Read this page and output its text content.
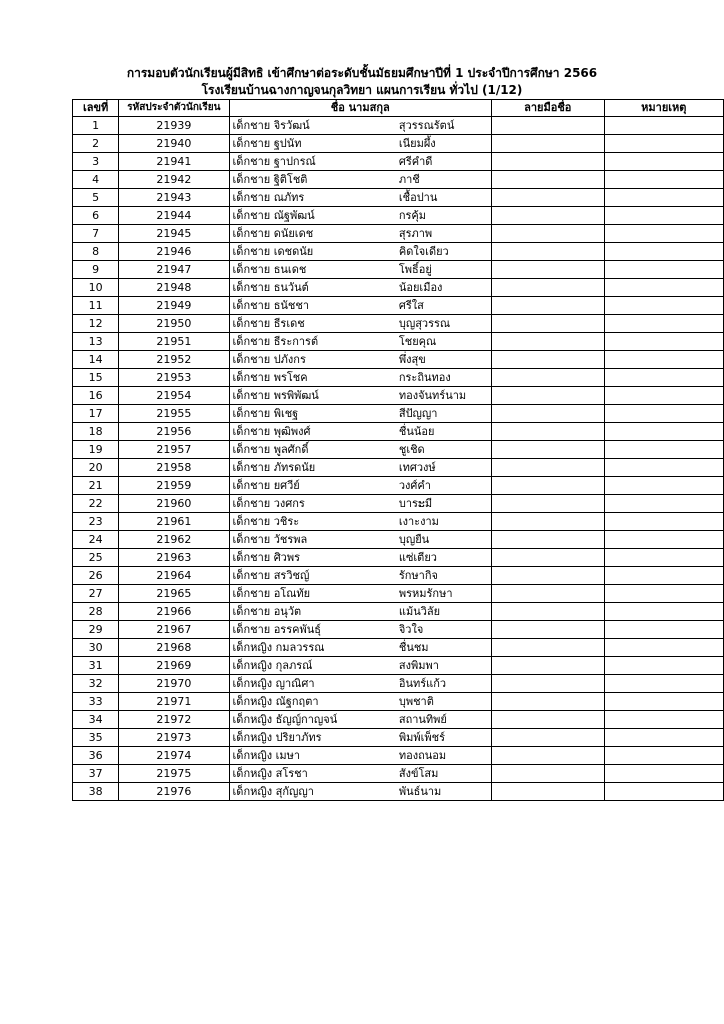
การมอบตัวนักเรียนผู้มีสิทธิ เข้าศึกษาต่อระดับชั้นมัธยมศึกษาปีที่ 1 ประจำปีการศึกษา 2566
โรงเรียนบ้านฉางกาญจนกุลวิทยา แผนการเรียน ทั่วไป (1/12)
เลขที่	รหัสประจำตัวนักเรียน	ชื่อ นามสกุล		ลายมือชื่อ	หมายเหตุ
1	21939	เด็กชาย จิรวัฒน์	สุวรรณรัตน์		
2	21940	เด็กชาย ฐปนัท	เนียมผึ้ง		
3	21941	เด็กชาย ฐาปกรณ์	ศรีคำดี		
4	21942	เด็กชาย ฐิติโชติ	ภาชี		
5	21943	เด็กชาย ณภัทร	เชื้อปาน		
6	21944	เด็กชาย ณัฐพัฒน์	กรคุ้ม		
7	21945	เด็กชาย ดนัยเดช	สุรภาพ		
8	21946	เด็กชาย เดชดนัย	คิดใจเดียว		
9	21947	เด็กชาย ธนเดช	โพธิ์อยู่		
10	21948	เด็กชาย ธนวันต์	น้อยเมือง		
11	21949	เด็กชาย ธนัชชา	ศรีใส		
12	21950	เด็กชาย ธีรเดช	บุญสุวรรณ		
13	21951	เด็กชาย ธีระการต์	โชยคุณ		
14	21952	เด็กชาย ปภังกร	พึ่งสุข		
15	21953	เด็กชาย พรโชค	กระถินทอง		
16	21954	เด็กชาย พรพิพัฒน์	ทองจันทร์นาม		
17	21955	เด็กชาย พิเชฐ	สีปัญญา		
18	21956	เด็กชาย พุฒิพงศ์	ชื่นน้อย		
19	21957	เด็กชาย พูลศักดิ์	ชูเชิด		
20	21958	เด็กชาย ภัทรดนัย	เทศวงษ์		
21	21959	เด็กชาย ยศวีย์	วงศ์คำ		
22	21960	เด็กชาย วงศกร	บารະมี		
23	21961	เด็กชาย วชิระ	เงาะงาม		
24	21962	เด็กชาย วัชรพล	บุญยืน		
25	21963	เด็กชาย ศิวพร	แซ่เตียว		
26	21964	เด็กชาย สรวิชญ์	รักษากิจ		
27	21965	เด็กชาย อโณทัย	พรหมรักษา		
28	21966	เด็กชาย อนุวัต	แม้นวิลัย		
29	21967	เด็กชาย อรรคพันธุ์	จิวใจ		
30	21968	เด็กหญิง กมลวรรณ	ชื่นชม		
31	21969	เด็กหญิง กุลภรณ์	สงพิมพา		
32	21970	เด็กหญิง ญาณิศา	อินทร์แก้ว		
33	21971	เด็กหญิง ณัฐกฤตา	บุพชาติ		
34	21972	เด็กหญิง ธัญญ์กาญจน์	สถานทิพย์		
35	21973	เด็กหญิง ปริยาภัทร	พิมพ์เพ็ชร์		
36	21974	เด็กหญิง เมษา	ทองถนอม		
37	21975	เด็กหญิง สโรชา	สังข์โสม		
38	21976	เด็กหญิง สุกัญญา	พันธ์นาม		
